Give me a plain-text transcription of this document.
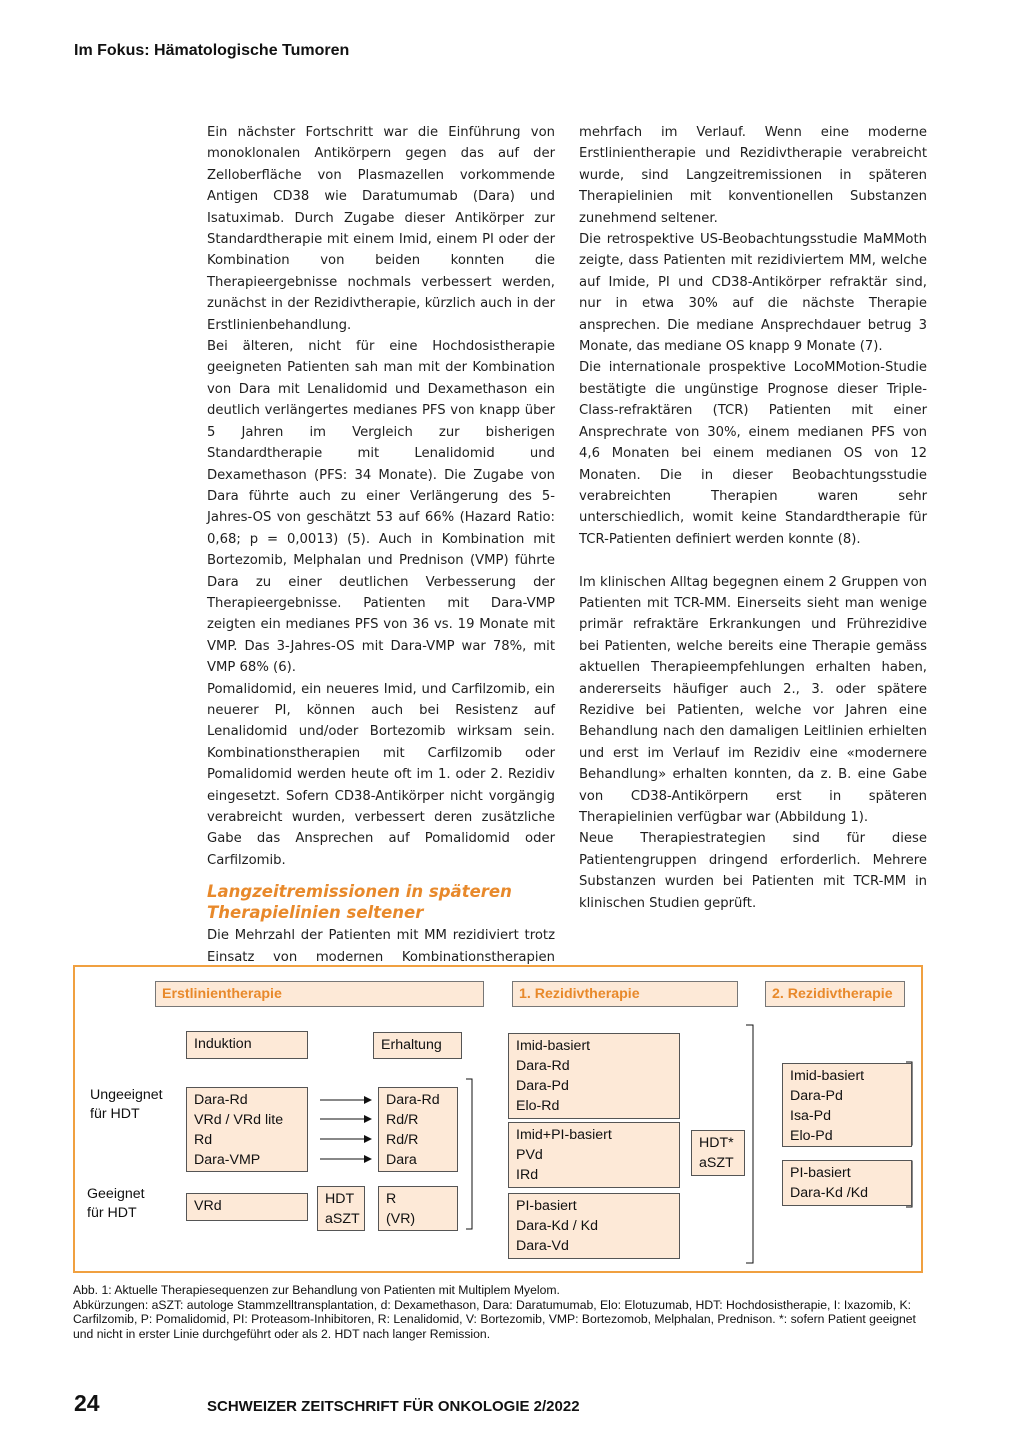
Im Fokus: Hämatologische Tumoren

Ein nächster Fortschritt war die Einführung von monoklonalen Antikörpern gegen das auf der Zelloberfläche von Plasmazellen vorkommende Antigen CD38 wie Daratumumab (Dara) und Isatuximab. Durch Zugabe dieser Antikörper zur Standardtherapie mit einem Imid, einem PI oder der Kombination von beiden konnten die Therapieergebnisse nochmals verbessert werden, zunächst in der Rezidivtherapie, kürzlich auch in der Erstlinienbehandlung.

Bei älteren, nicht für eine Hochdosistherapie geeigneten Patienten sah man mit der Kombination von Dara mit Lenalidomid und Dexamethason ein deutlich verlängertes medianes PFS von knapp über 5 Jahren im Vergleich zur bisherigen Standardtherapie mit Lenalidomid und Dexamethason (PFS: 34 Monate). Die Zugabe von Dara führte auch zu einer Verlängerung des 5-Jahres-OS von geschätzt 53 auf 66% (Hazard Ratio: 0,68; p = 0,0013) (5). Auch in Kombination mit Bortezomib, Melphalan und Prednison (VMP) führte Dara zu einer deutlichen Verbesserung der Therapieergebnisse. Patienten mit Dara-VMP zeigten ein medianes PFS von 36 vs. 19 Monate mit VMP. Das 3-Jahres-OS mit Dara-VMP war 78%, mit VMP 68% (6).

Pomalidomid, ein neueres Imid, und Carfilzomib, ein neuerer PI, können auch bei Resistenz auf Lenalidomid und/oder Bortezomib wirksam sein. Kombinationstherapien mit Carfilzomib oder Pomalidomid werden heute oft im 1. oder 2. Rezidiv eingesetzt. Sofern CD38-Antikörper nicht vorgängig verabreicht wurden, verbessert deren zusätzliche Gabe das Ansprechen auf Pomalidomid oder Carfilzomib.

Langzeitremissionen in späteren Therapielinien seltener

Die Mehrzahl der Patienten mit MM rezidiviert trotz Einsatz von modernen Kombinationstherapien

mehrfach im Verlauf. Wenn eine moderne Erstlinientherapie und Rezidivtherapie verabreicht wurde, sind Langzeitremissionen in späteren Therapielinien mit konventionellen Substanzen zunehmend seltener.

Die retrospektive US-Beobachtungsstudie MaMMoth zeigte, dass Patienten mit rezidiviertem MM, welche auf Imide, PI und CD38-Antikörper refraktär sind, nur in etwa 30% auf die nächste Therapie ansprechen. Die mediane Ansprechdauer betrug 3 Monate, das mediane OS knapp 9 Monate (7).

Die internationale prospektive LocoMMotion-Studie bestätigte die ungünstige Prognose dieser Triple-Class-refraktären (TCR) Patienten mit einer Ansprechrate von 30%, einem medianen PFS von 4,6 Monaten bei einem medianen OS von 12 Monaten. Die in dieser Beobachtungsstudie verabreichten Therapien waren sehr unterschiedlich, womit keine Standardtherapie für TCR-Patienten definiert werden konnte (8).

Im klinischen Alltag begegnen einem 2 Gruppen von Patienten mit TCR-MM. Einerseits sieht man wenige primär refraktäre Erkrankungen und Frührezidive bei Patienten, welche bereits eine Therapie gemäss aktuellen Therapieempfehlungen erhalten haben, andererseits häufiger auch 2., 3. oder spätere Rezidive bei Patienten, welche vor Jahren eine Behandlung nach den damaligen Leitlinien erhielten und erst im Verlauf im Rezidiv eine «modernere Behandlung» erhalten konnten, da z. B. eine Gabe von CD38-Antikörpern erst in späteren Therapielinien verfügbar war (Abbildung 1).

Neue Therapiestrategien sind für diese Patientengruppen dringend erforderlich. Mehrere Substanzen wurden bei Patienten mit TCR-MM in klinischen Studien geprüft.

Erstlinientherapie	1. Rezidivtherapie	2. Rezidivtherapie
Ungeeignet
für HDT
Geeignet
für HDT
Induktion	Erhaltung
Dara-Rd
VRd / VRd lite
Rd
Dara-VMP
Dara-Rd
Rd/R
Rd/R
Dara
VRd	HDT
aSZT
R
(VR)
Imid-basiert
Dara-Rd
Dara-Pd
Elo-Rd
Imid+PI-basiert
PVd
IRd
PI-basiert
Dara-Kd / Kd
Dara-Vd
HDT*
aSZT
Imid-basiert
Dara-Pd
Isa-Pd
Elo-Pd
PI-basiert
Dara-Kd /Kd

Abb. 1: Aktuelle Therapiesequenzen zur Behandlung von Patienten mit Multiplem Myelom.

Abkürzungen: aSZT: autologe Stammzelltransplantation, d: Dexamethason, Dara: Daratumumab, Elo: Elotuzumab, HDT: Hochdosistherapie, I: Ixazomib, K: Carfilzomib, P: Pomalidomid, PI: Proteasom-Inhibitoren, R: Lenalidomid, V: Bortezomib, VMP: Bortezomob, Melphalan, Prednison. *: sofern Patient geeignet und nicht in erster Linie durchgeführt oder als 2. HDT nach langer Remission.

24	SCHWEIZER ZEITSCHRIFT FÜR ONKOLOGIE 2/2022
